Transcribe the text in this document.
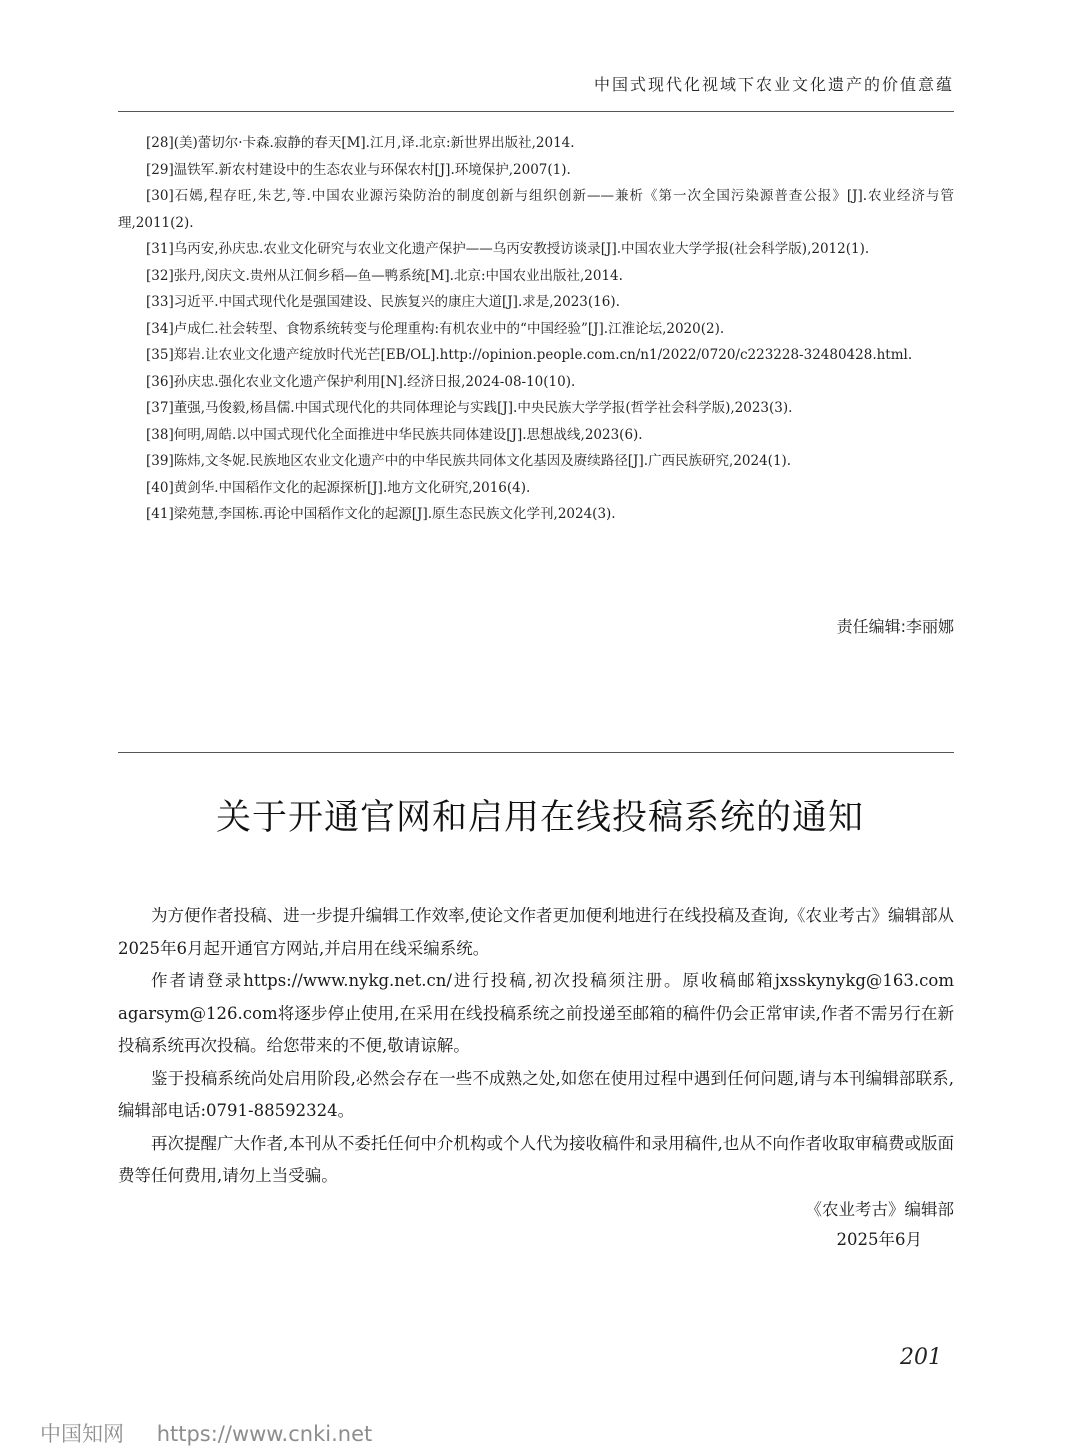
中国式现代化视域下农业文化遗产的价值意蕴

[28](美)蕾切尔·卡森.寂静的春天[M].江月,译.北京:新世界出版社,2014.

[29]温铁军.新农村建设中的生态农业与环保农村[J].环境保护,2007(1).

[30]石嫣,程存旺,朱艺,等.中国农业源污染防治的制度创新与组织创新——兼析《第一次全国污染源普查公报》[J].农业经济与管理,2011(2).

[31]乌丙安,孙庆忠.农业文化研究与农业文化遗产保护——乌丙安教授访谈录[J].中国农业大学学报(社会科学版),2012(1).

[32]张丹,闵庆文.贵州从江侗乡稻—鱼—鸭系统[M].北京:中国农业出版社,2014.

[33]习近平.中国式现代化是强国建设、民族复兴的康庄大道[J].求是,2023(16).

[34]卢成仁.社会转型、食物系统转变与伦理重构:有机农业中的“中国经验”[J].江淮论坛,2020(2).

[35]郑岩.让农业文化遗产绽放时代光芒[EB/OL].http://opinion.people.com.cn/n1/2022/0720/c223228-32480428.html.

[36]孙庆忠.强化农业文化遗产保护利用[N].经济日报,2024-08-10(10).

[37]董强,马俊毅,杨昌儒.中国式现代化的共同体理论与实践[J].中央民族大学学报(哲学社会科学版),2023(3).

[38]何明,周皓.以中国式现代化全面推进中华民族共同体建设[J].思想战线,2023(6).

[39]陈炜,文冬妮.民族地区农业文化遗产中的中华民族共同体文化基因及赓续路径[J].广西民族研究,2024(1).

[40]黄剑华.中国稻作文化的起源探析[J].地方文化研究,2016(4).

[41]梁苑慧,李国栋.再论中国稻作文化的起源[J].原生态民族文化学刊,2024(3).

责任编辑:李丽娜
关于开通官网和启用在线投稿系统的通知

为方便作者投稿、进一步提升编辑工作效率,使论文作者更加便利地进行在线投稿及查询,《农业考古》编辑部从2025年6月起开通官方网站,并启用在线采编系统。

作者请登录https://www.nykg.net.cn/进行投稿,初次投稿须注册。原收稿邮箱jxsskynykg@163.com agarsym@126.com将逐步停止使用,在采用在线投稿系统之前投递至邮箱的稿件仍会正常审读,作者不需另行在新投稿系统再次投稿。给您带来的不便,敬请谅解。

鉴于投稿系统尚处启用阶段,必然会存在一些不成熟之处,如您在使用过程中遇到任何问题,请与本刊编辑部联系,编辑部电话:0791-88592324。

再次提醒广大作者,本刊从不委托任何中介机构或个人代为接收稿件和录用稿件,也从不向作者收取审稿费或版面费等任何费用,请勿上当受骗。

《农业考古》编辑部
2025年6月
201
中国知网 https://www.cnki.net
